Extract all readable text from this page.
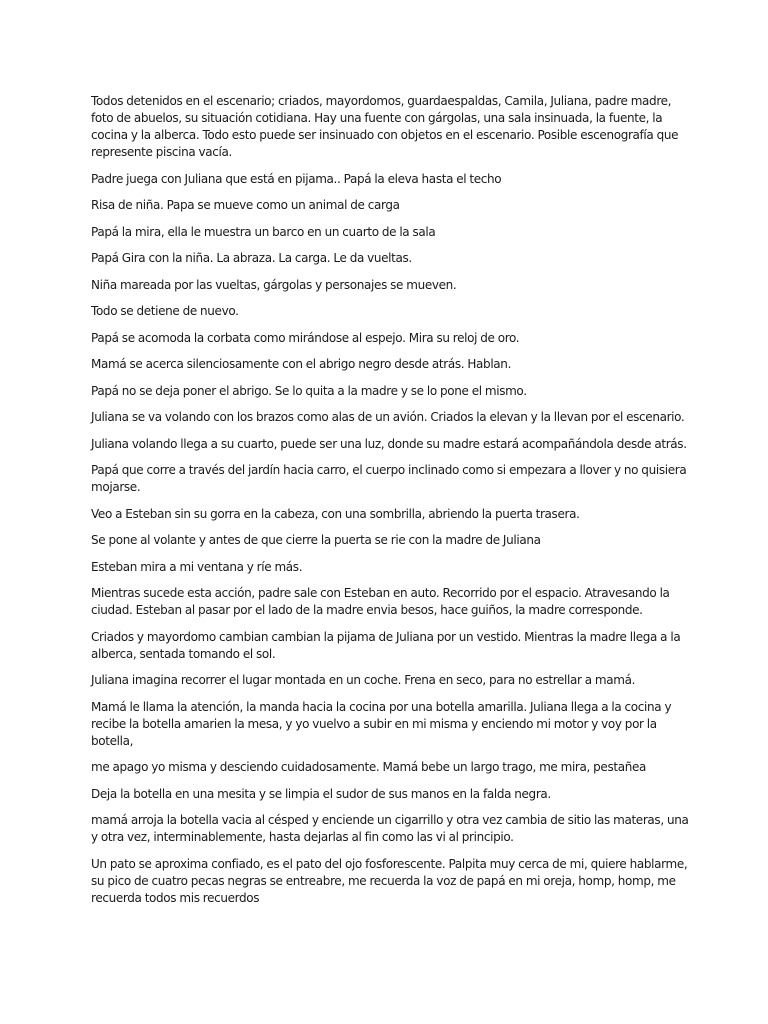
Todos detenidos en el escenario; criados, mayordomos, guardaespaldas, Camila, Juliana, padre madre, foto de abuelos, su situación cotidiana. Hay una fuente con gárgolas, una sala insinuada, la fuente, la cocina y la alberca. Todo esto puede ser insinuado con objetos en el escenario. Posible escenografía que represente piscina vacía.

Padre juega con Juliana que está en pijama.. Papá la eleva hasta el techo

Risa de niña. Papa se mueve como un animal de carga

Papá la mira, ella le muestra un barco en un cuarto de la sala

Papá Gira con la niña. La abraza. La carga. Le da vueltas.

Niña mareada por las vueltas, gárgolas y personajes se mueven.

Todo se detiene de nuevo.

Papá se acomoda la corbata como mirándose al espejo. Mira su reloj de oro.

Mamá se acerca silenciosamente con el abrigo negro desde atrás. Hablan.

Papá no se deja poner el abrigo. Se lo quita a la madre y se lo pone el mismo.

Juliana se va volando con los brazos como alas de un avión. Criados la elevan y la llevan por el escenario.

Juliana volando llega a su cuarto, puede ser una luz, donde su madre estará acompañándola desde atrás.

Papá que corre a través del jardín hacia carro, el cuerpo inclinado como si empezara a llover y no quisiera mojarse.

Veo a Esteban sin su gorra en la cabeza, con una sombrilla, abriendo la puerta trasera.

Se pone al volante y antes de que cierre la puerta se rie con la madre de Juliana

Esteban mira a mi ventana y ríe más.

Mientras sucede esta acción, padre sale con Esteban en auto. Recorrido por el espacio. Atravesando la ciudad. Esteban al pasar por el lado de la madre envia besos, hace guiños, la madre corresponde.

Criados y mayordomo cambian cambian la pijama de Juliana por un vestido. Mientras la madre llega a la alberca, sentada tomando el sol.

Juliana imagina recorrer el lugar montada en un coche. Frena en seco, para no estrellar a mamá.

Mamá le llama la atención, la manda hacia la cocina por una botella amarilla. Juliana llega a la cocina y recibe la botella amarien la mesa, y yo vuelvo a subir en mi misma y enciendo mi motor y voy por la botella,

me apago yo misma y desciendo cuidadosamente. Mamá bebe un largo trago, me mira, pestañea

Deja la botella en una mesita y se limpia el sudor de sus manos en la falda negra.

mamá arroja la botella vacia al césped y enciende un cigarrillo y otra vez cambia de sitio las materas, una y otra vez, interminablemente, hasta dejarlas al fin como las vi al principio.

Un pato se aproxima confiado, es el pato del ojo fosforescente. Palpita muy cerca de mi, quiere hablarme, su pico de cuatro pecas negras se entreabre, me recuerda la voz de papá en mi oreja, homp, homp, me recuerda todos mis recuerdos
